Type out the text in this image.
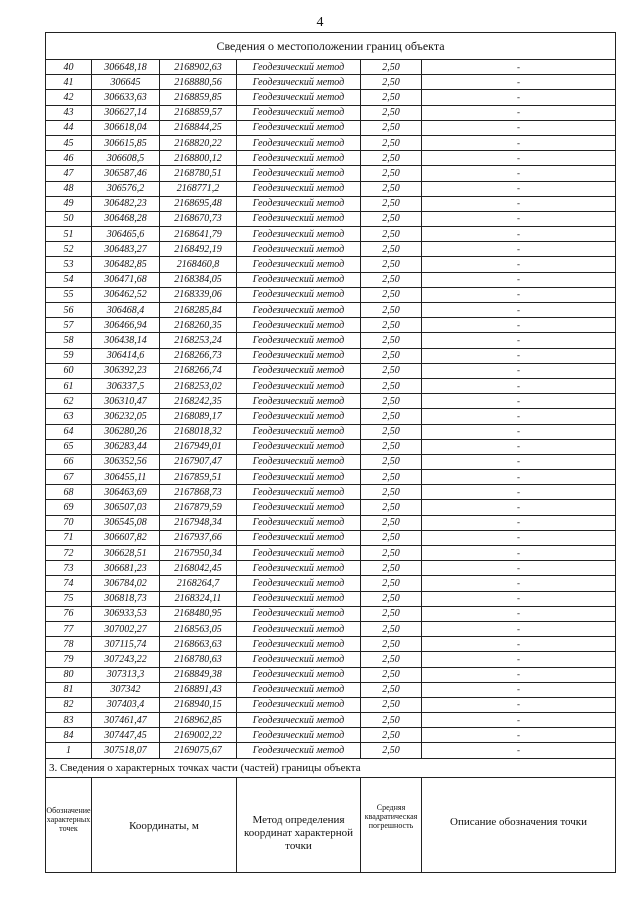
4
Сведения о местоположении границ объекта					
40	306648,18	2168902,63	Геодезический метод	2,50	-
41	306645	2168880,56	Геодезический метод	2,50	-
42	306633,63	2168859,85	Геодезический метод	2,50	-
43	306627,14	2168859,57	Геодезический метод	2,50	-
44	306618,04	2168844,25	Геодезический метод	2,50	-
45	306615,85	2168820,22	Геодезический метод	2,50	-
46	306608,5	2168800,12	Геодезический метод	2,50	-
47	306587,46	2168780,51	Геодезический метод	2,50	-
48	306576,2	2168771,2	Геодезический метод	2,50	-
49	306482,23	2168695,48	Геодезический метод	2,50	-
50	306468,28	2168670,73	Геодезический метод	2,50	-
51	306465,6	2168641,79	Геодезический метод	2,50	-
52	306483,27	2168492,19	Геодезический метод	2,50	-
53	306482,85	2168460,8	Геодезический метод	2,50	-
54	306471,68	2168384,05	Геодезический метод	2,50	-
55	306462,52	2168339,06	Геодезический метод	2,50	-
56	306468,4	2168285,84	Геодезический метод	2,50	-
57	306466,94	2168260,35	Геодезический метод	2,50	-
58	306438,14	2168253,24	Геодезический метод	2,50	-
59	306414,6	2168266,73	Геодезический метод	2,50	-
60	306392,23	2168266,74	Геодезический метод	2,50	-
61	306337,5	2168253,02	Геодезический метод	2,50	-
62	306310,47	2168242,35	Геодезический метод	2,50	-
63	306232,05	2168089,17	Геодезический метод	2,50	-
64	306280,26	2168018,32	Геодезический метод	2,50	-
65	306283,44	2167949,01	Геодезический метод	2,50	-
66	306352,56	2167907,47	Геодезический метод	2,50	-
67	306455,11	2167859,51	Геодезический метод	2,50	-
68	306463,69	2167868,73	Геодезический метод	2,50	-
69	306507,03	2167879,59	Геодезический метод	2,50	-
70	306545,08	2167948,34	Геодезический метод	2,50	-
71	306607,82	2167937,66	Геодезический метод	2,50	-
72	306628,51	2167950,34	Геодезический метод	2,50	-
73	306681,23	2168042,45	Геодезический метод	2,50	-
74	306784,02	2168264,7	Геодезический метод	2,50	-
75	306818,73	2168324,11	Геодезический метод	2,50	-
76	306933,53	2168480,95	Геодезический метод	2,50	-
77	307002,27	2168563,05	Геодезический метод	2,50	-
78	307115,74	2168663,63	Геодезический метод	2,50	-
79	307243,22	2168780,63	Геодезический метод	2,50	-
80	307313,3	2168849,38	Геодезический метод	2,50	-
81	307342	2168891,43	Геодезический метод	2,50	-
82	307403,4	2168940,15	Геодезический метод	2,50	-
83	307461,47	2168962,85	Геодезический метод	2,50	-
84	307447,45	2169002,22	Геодезический метод	2,50	-
1	307518,07	2169075,67	Геодезический метод	2,50	-
3. Сведения о характерных точках части (частей) границы объекта					

Обозначение характерных точек	Координаты, м		Метод определения координат характерной точки	Средняя квадратическая погрешность	Описание обозначения точки
